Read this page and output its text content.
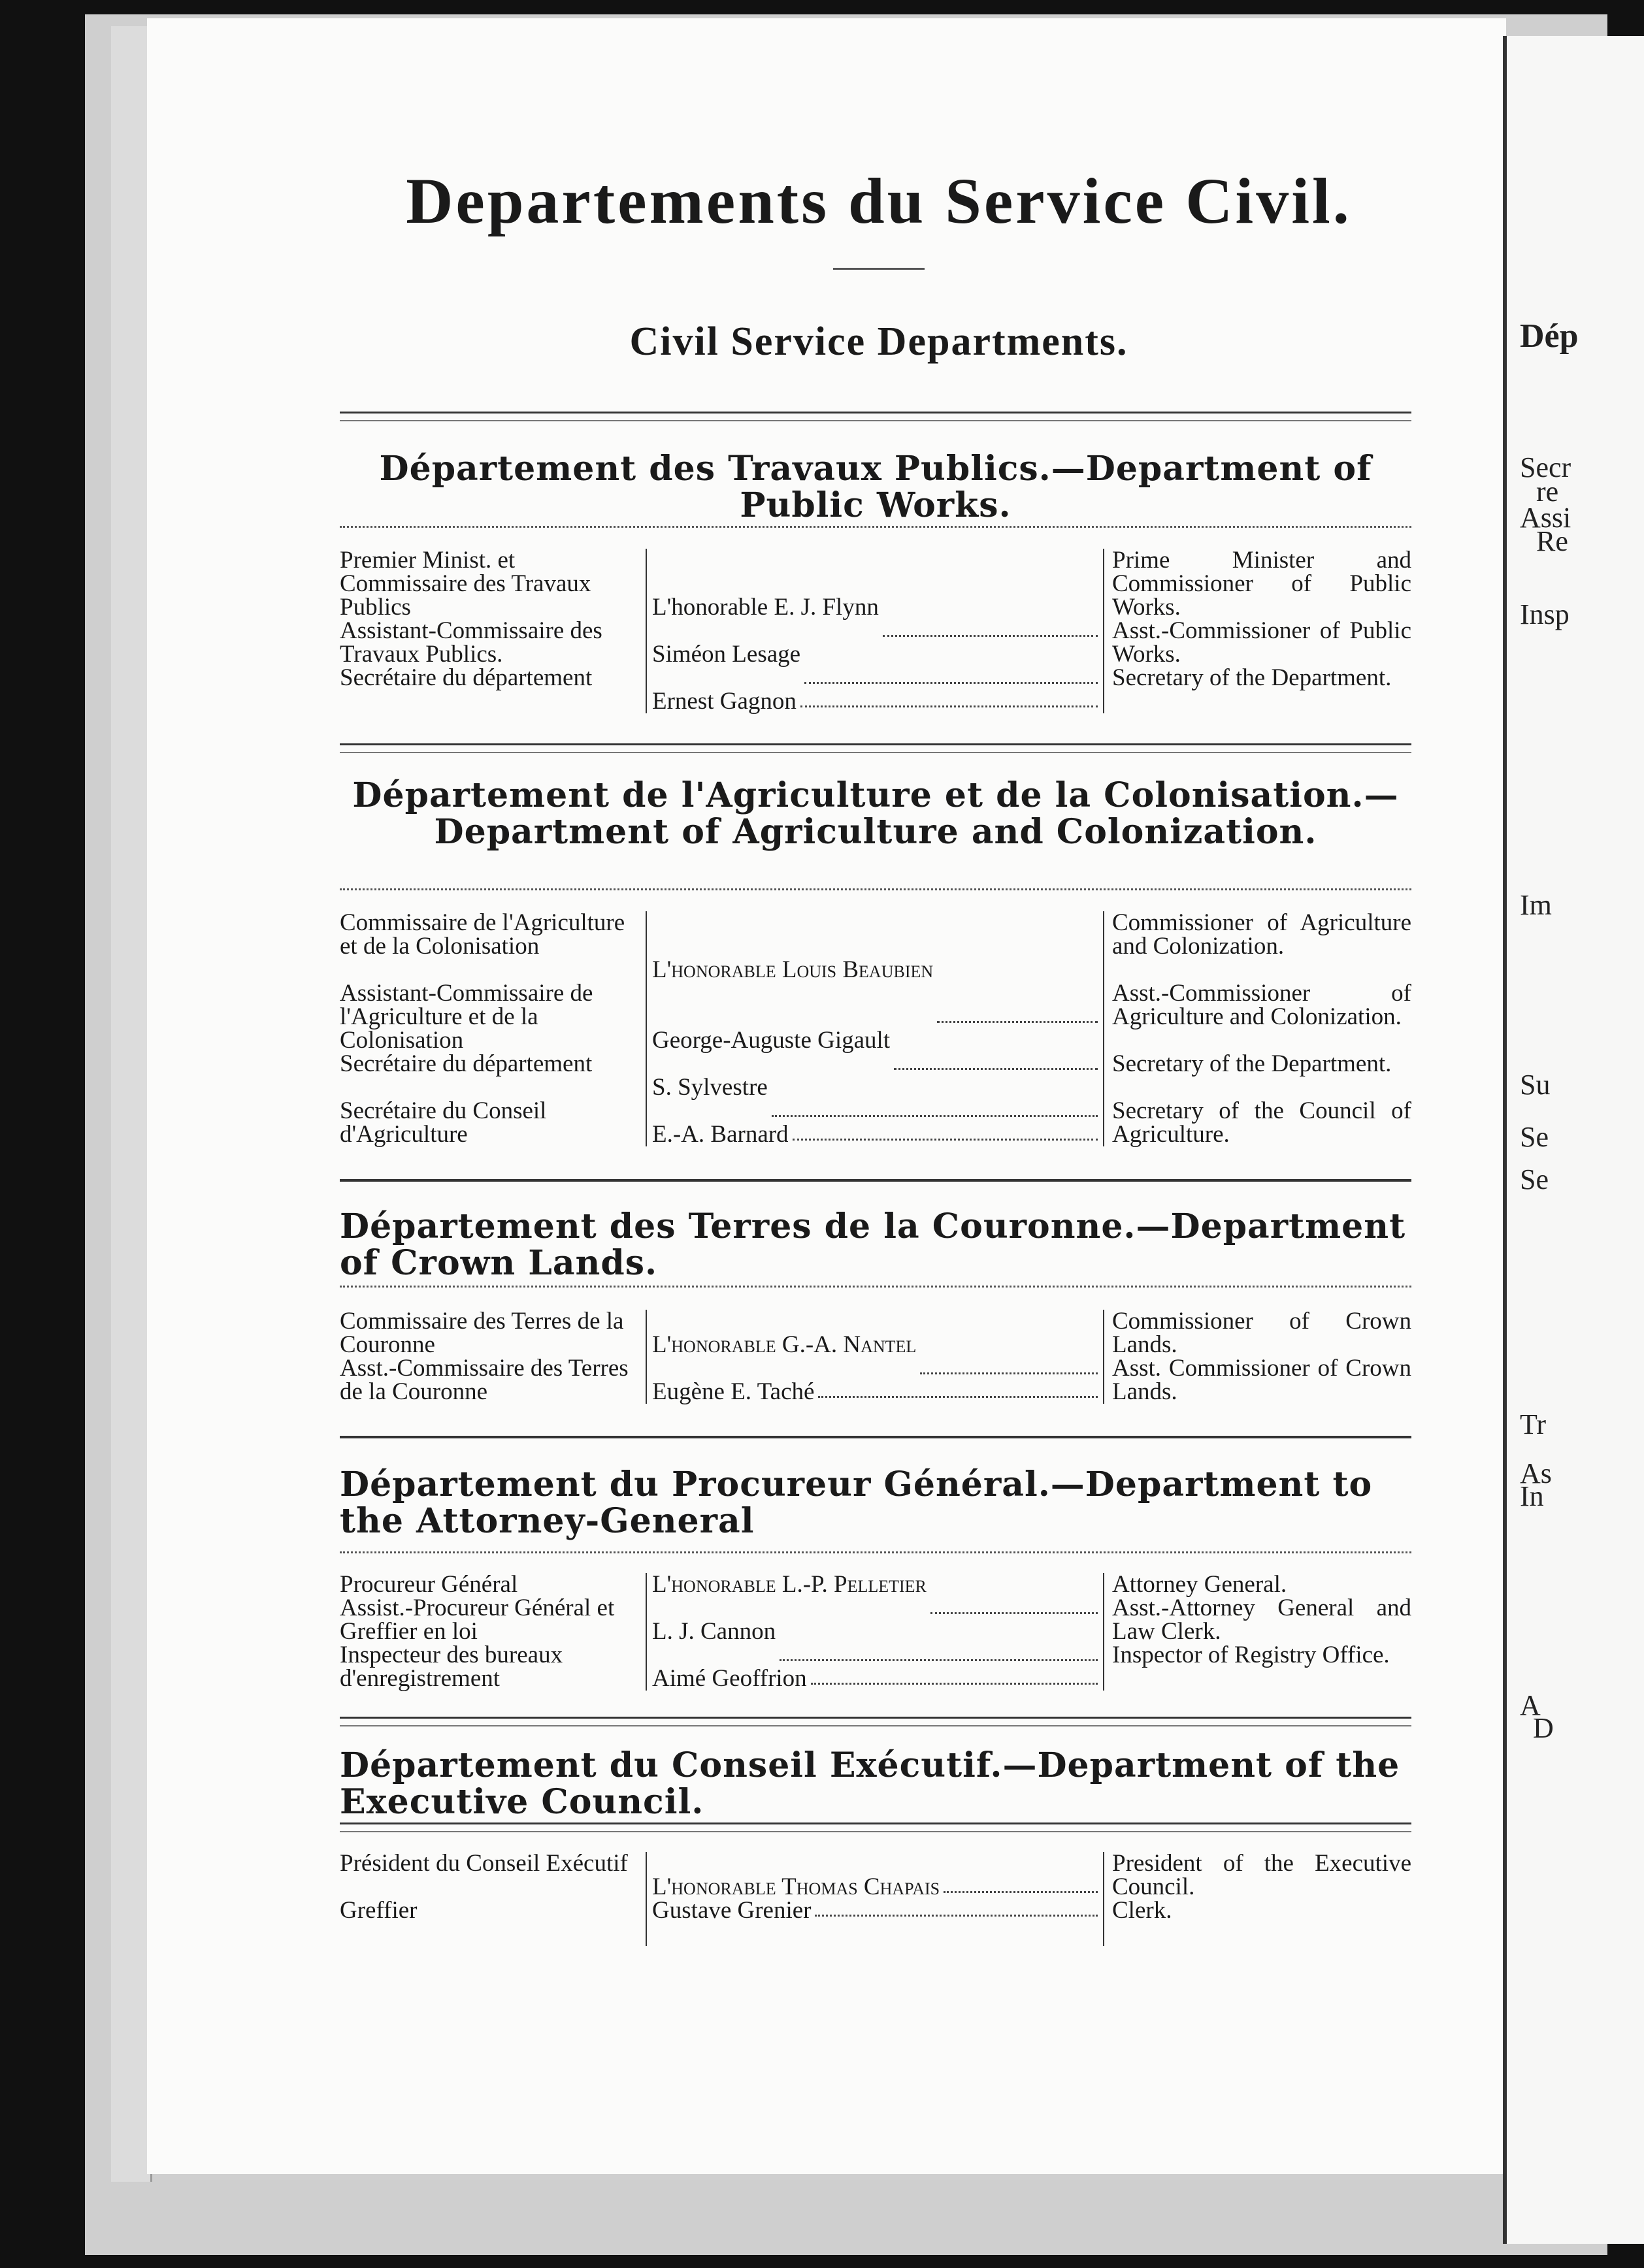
Dép
Secr
re
Assi
Re
Insp
Im
Su
Se
Se
Tr
As
In
A
D
Departements du Service Civil.
Civil Service Departments.
Département des Travaux Publics.—Department of Public Works.
Premier Minist. et Commissaire des Travaux Publics
Assistant-Commissaire des Travaux Publics.
Secrétaire du département
L'honorable E. J. Flynn
Siméon Lesage
Ernest Gagnon
Prime Minister and Commissioner of Public Works.
Asst.-Commissioner of Public Works.
Secretary of the Department.
Département de l'Agriculture et de la Colonisation.—Department of Agriculture and Colonization.
Commissaire de l'Agriculture et de la Colonisation
Assistant-Commissaire de l'Agriculture et de la Colonisation
Secrétaire du département
Secrétaire du Conseil d'Agriculture
L'honorable Louis Beaubien
George-Auguste Gigault
S. Sylvestre
E.-A. Barnard
Commissioner of Agriculture and Colonization.
Asst.-Commissioner of Agriculture and Colonization.
Secretary of the Department.
Secretary of the Council of Agriculture.
Département des Terres de la Couronne.—Department of Crown Lands.
Commissaire des Terres de la Couronne
Asst.-Commissaire des Terres de la Couronne
L'honorable G.-A. Nantel
Eugène E. Taché
Commissioner of Crown Lands.
Asst. Commissioner of Crown Lands.
Département du Procureur Général.—Department to the Attorney-General
Procureur Général
Assist.-Procureur Général et Greffier en loi
Inspecteur des bureaux d'enregistrement
L'honorable L.-P. Pelletier
L. J. Cannon
Aimé Geoffrion
Attorney General.
Asst.-Attorney General and Law Clerk.
Inspector of Registry Office.
Département du Conseil Exécutif.—Department of the Executive Council.
Président du Conseil Exécutif
Greffier
L'honorable Thomas Chapais
Gustave Grenier
President of the Executive Council.
Clerk.
